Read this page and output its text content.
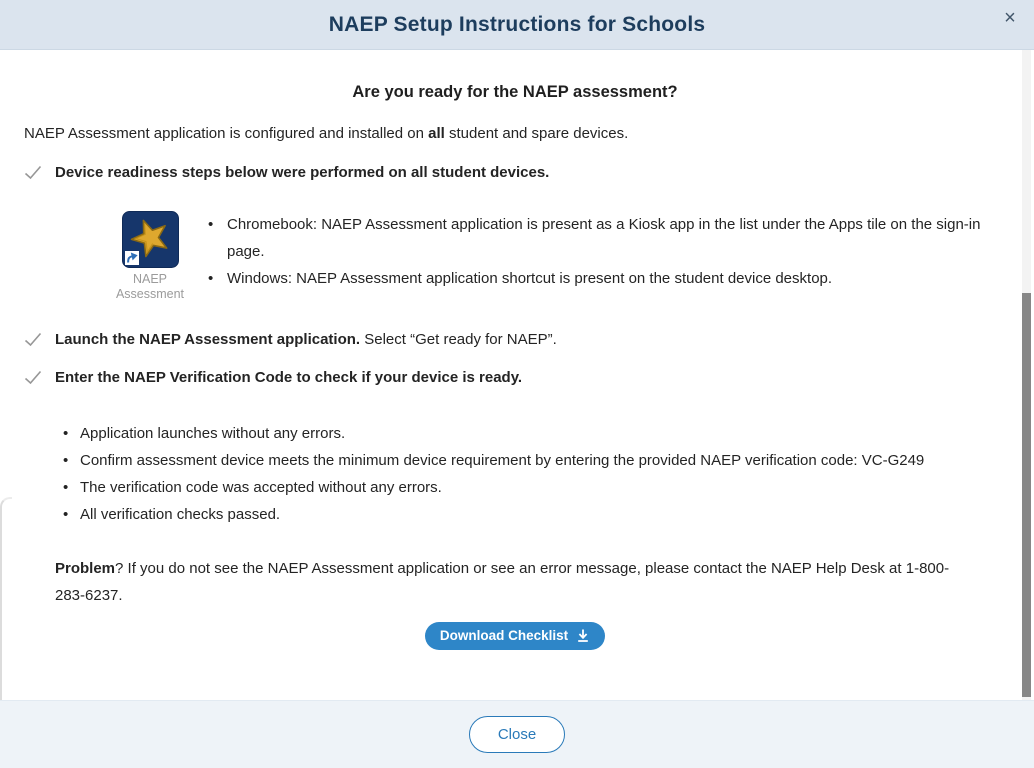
NAEP Setup Instructions for Schools	×
Are you ready for the NAEP assessment?

NAEP Assessment application is configured and installed on all student and spare devices.

Device readiness steps below were performed on all student devices.
NAEP
Assessment
• Chromebook: NAEP Assessment application is present as a Kiosk app in the list under the Apps tile on the sign-in page.
• Windows: NAEP Assessment application shortcut is present on the student device desktop.
Launch the NAEP Assessment application. Select “Get ready for NAEP”.
Enter the NAEP Verification Code to check if your device is ready.
• Application launches without any errors.
• Confirm assessment device meets the minimum device requirement by entering the provided NAEP verification code: VC-G249
• The verification code was accepted without any errors.
• All verification checks passed.

Problem? If you do not see the NAEP Assessment application or see an error message, please contact the NAEP Help Desk at 1-800-283-6237.

Download Checklist
Close
